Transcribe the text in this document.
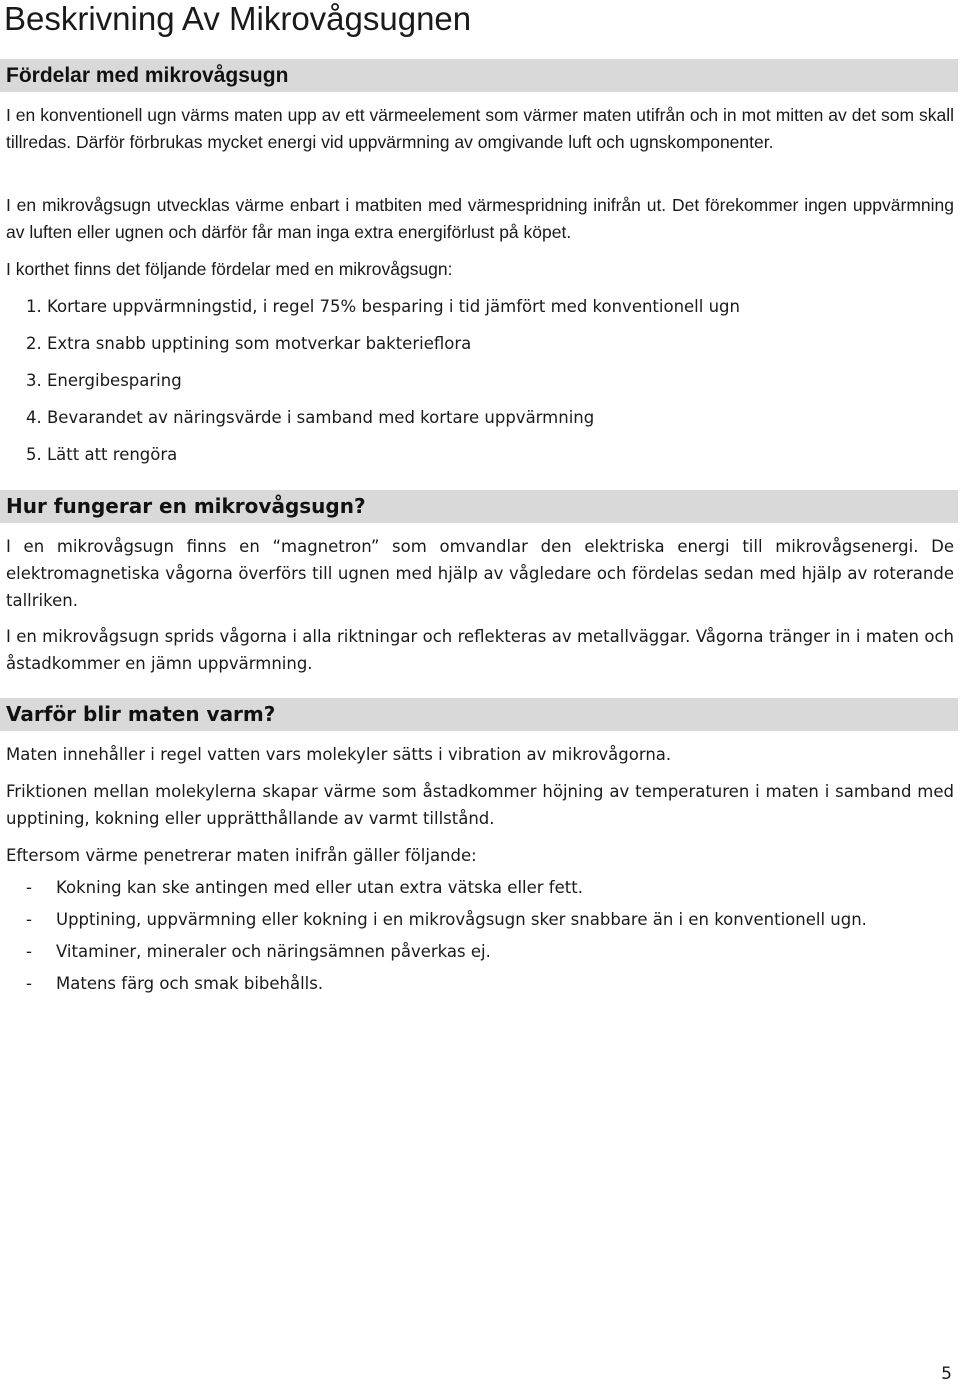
Beskrivning Av Mikrovågsugnen
Fördelar med mikrovågsugn

I en konventionell ugn värms maten upp av ett värmeelement som värmer maten utifrån och in mot mitten av det som skall tillredas. Därför förbrukas mycket energi vid uppvärmning av omgivande luft och ugnskomponenter.

I en mikrovågsugn utvecklas värme enbart i matbiten med värmespridning inifrån ut. Det förekommer ingen uppvärmning av luften eller ugnen och därför får man inga extra energiförlust på köpet.

I korthet finns det följande fördelar med en mikrovågsugn:

1. Kortare uppvärmningstid, i regel 75% besparing i tid jämfört med konventionell ugn
2. Extra snabb upptining som motverkar bakterieflora
3. Energibesparing
4. Bevarandet av näringsvärde i samband med kortare uppvärmning
5. Lätt att rengöra
Hur fungerar en mikrovågsugn?

I en mikrovågsugn finns en “magnetron” som omvandlar den elektriska energi till mikrovågsenergi. De elektromagnetiska vågorna överförs till ugnen med hjälp av vågledare och fördelas sedan med hjälp av roterande tallriken.

I en mikrovågsugn sprids vågorna i alla riktningar och reflekteras av metallväggar. Vågorna tränger in i maten och åstadkommer en jämn uppvärmning.

Varför blir maten varm?

Maten innehåller i regel vatten vars molekyler sätts i vibration av mikrovågorna.

Friktionen mellan molekylerna skapar värme som åstadkommer höjning av temperaturen i maten i samband med upptining, kokning eller upprätthållande av varmt tillstånd.

Eftersom värme penetrerar maten inifrån gäller följande:

- Kokning kan ske antingen med eller utan extra vätska eller fett.
- Upptining, uppvärmning eller kokning i en mikrovågsugn sker snabbare än i en konventionell ugn.
- Vitaminer, mineraler och näringsämnen påverkas ej.
- Matens färg och smak bibehålls.
5
